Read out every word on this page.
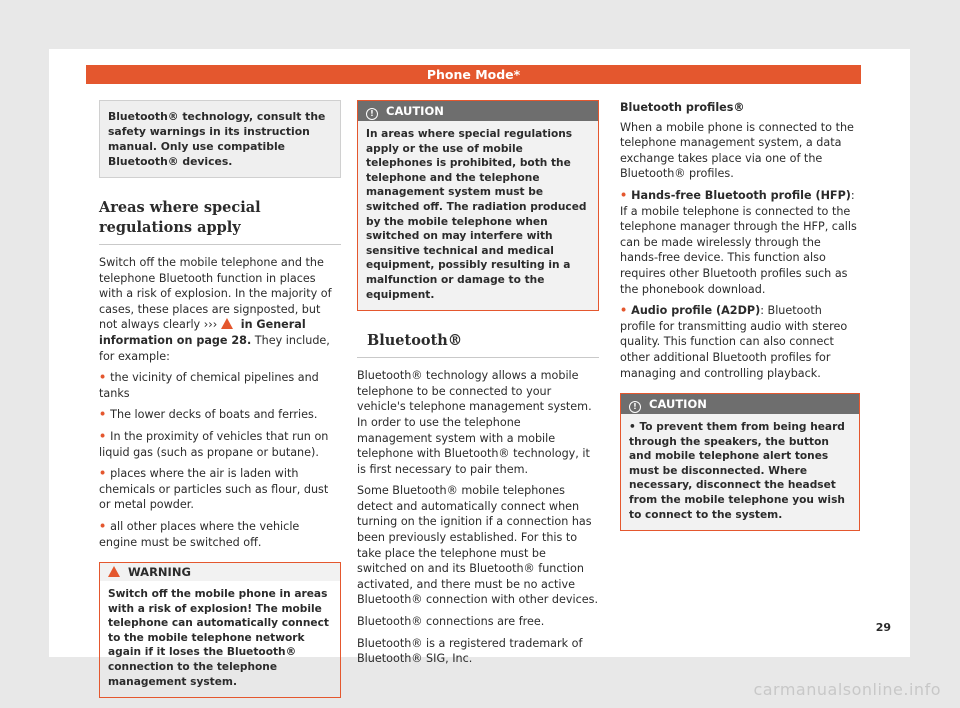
Phone Mode*
Bluetooth® technology, consult the safety warnings in its instruction manual. Only use compatible Bluetooth® devices.
Areas where special regulations apply

Switch off the mobile telephone and the telephone Bluetooth function in places with a risk of explosion. In the majority of cases, these places are signposted, but not always clearly ››› in General information on page 28. They include, for example:

• the vicinity of chemical pipelines and tanks
• The lower decks of boats and ferries.
• In the proximity of vehicles that run on liquid gas (such as propane or butane).
• places where the air is laden with chemicals or particles such as flour, dust or metal powder.
• all other places where the vehicle engine must be switched off.
WARNING
Switch off the mobile phone in areas with a risk of explosion! The mobile telephone can automatically connect to the mobile telephone network again if it loses the Bluetooth® connection to the telephone management system.
! CAUTION
In areas where special regulations apply or the use of mobile telephones is prohibited, both the telephone and the telephone management system must be switched off. The radiation produced by the mobile telephone when switched on may interfere with sensitive technical and medical equipment, possibly resulting in a malfunction or damage to the equipment.
Bluetooth®

Bluetooth® technology allows a mobile telephone to be connected to your vehicle's telephone management system. In order to use the telephone management system with a mobile telephone with Bluetooth® technology, it is first necessary to pair them.

Some Bluetooth® mobile telephones detect and automatically connect when turning on the ignition if a connection has been previously established. For this to take place the telephone must be switched on and its Bluetooth® function activated, and there must be no active Bluetooth® connection with other devices.

Bluetooth® connections are free.

Bluetooth® is a registered trademark of Bluetooth® SIG, Inc.

Bluetooth profiles®

When a mobile phone is connected to the telephone management system, a data exchange takes place via one of the Bluetooth® profiles.

• Hands-free Bluetooth profile (HFP): If a mobile telephone is connected to the telephone manager through the HFP, calls can be made wirelessly through the hands-free device. This function also requires other Bluetooth profiles such as the phonebook download.
• Audio profile (A2DP): Bluetooth profile for transmitting audio with stereo quality. This function can also connect other additional Bluetooth profiles for managing and controlling playback.
! CAUTION
• To prevent them from being heard through the speakers, the button and mobile telephone alert tones must be disconnected. Where necessary, disconnect the headset from the mobile telephone you wish to connect to the system.
29
carmanualsonline.info
